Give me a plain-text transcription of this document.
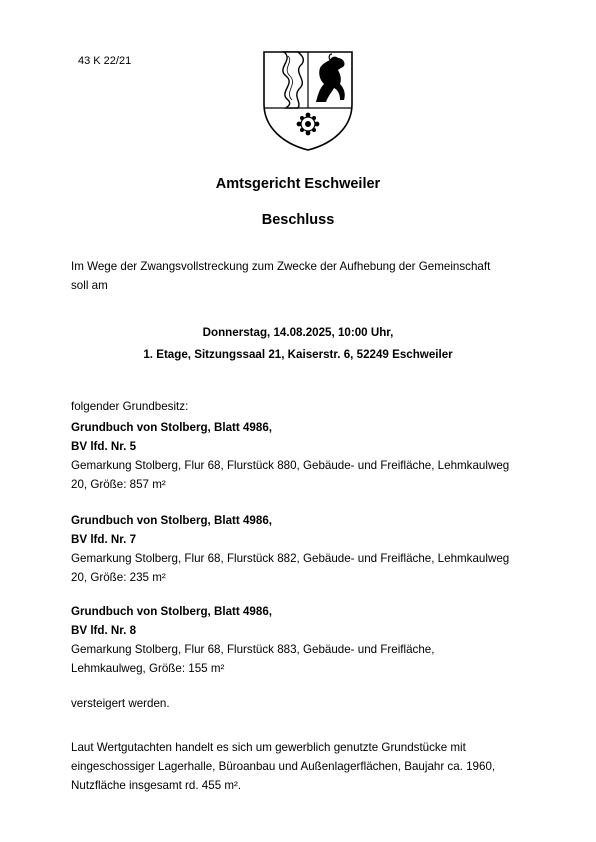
43 K 22/21
Amtsgericht Eschweiler
Beschluss
Im Wege der Zwangsvollstreckung zum Zwecke der Aufhebung der Gemeinschaft
soll am
Donnerstag, 14.08.2025, 10:00 Uhr,
1. Etage, Sitzungssaal 21, Kaiserstr. 6, 52249 Eschweiler
folgender Grundbesitz:
Grundbuch von Stolberg, Blatt 4986,
BV lfd. Nr. 5
Gemarkung Stolberg, Flur 68, Flurstück 880, Gebäude- und Freifläche, Lehmkaulweg
20, Größe: 857 m²
Grundbuch von Stolberg, Blatt 4986,
BV lfd. Nr. 7
Gemarkung Stolberg, Flur 68, Flurstück 882, Gebäude- und Freifläche, Lehmkaulweg
20, Größe: 235 m²
Grundbuch von Stolberg, Blatt 4986,
BV lfd. Nr. 8
Gemarkung Stolberg, Flur 68, Flurstück 883, Gebäude- und Freifläche,
Lehmkaulweg, Größe: 155 m²
versteigert werden.
Laut Wertgutachten handelt es sich um gewerblich genutzte Grundstücke mit
eingeschossiger Lagerhalle, Büroanbau und Außenlagerflächen, Baujahr ca. 1960,
Nutzfläche insgesamt rd. 455 m².
